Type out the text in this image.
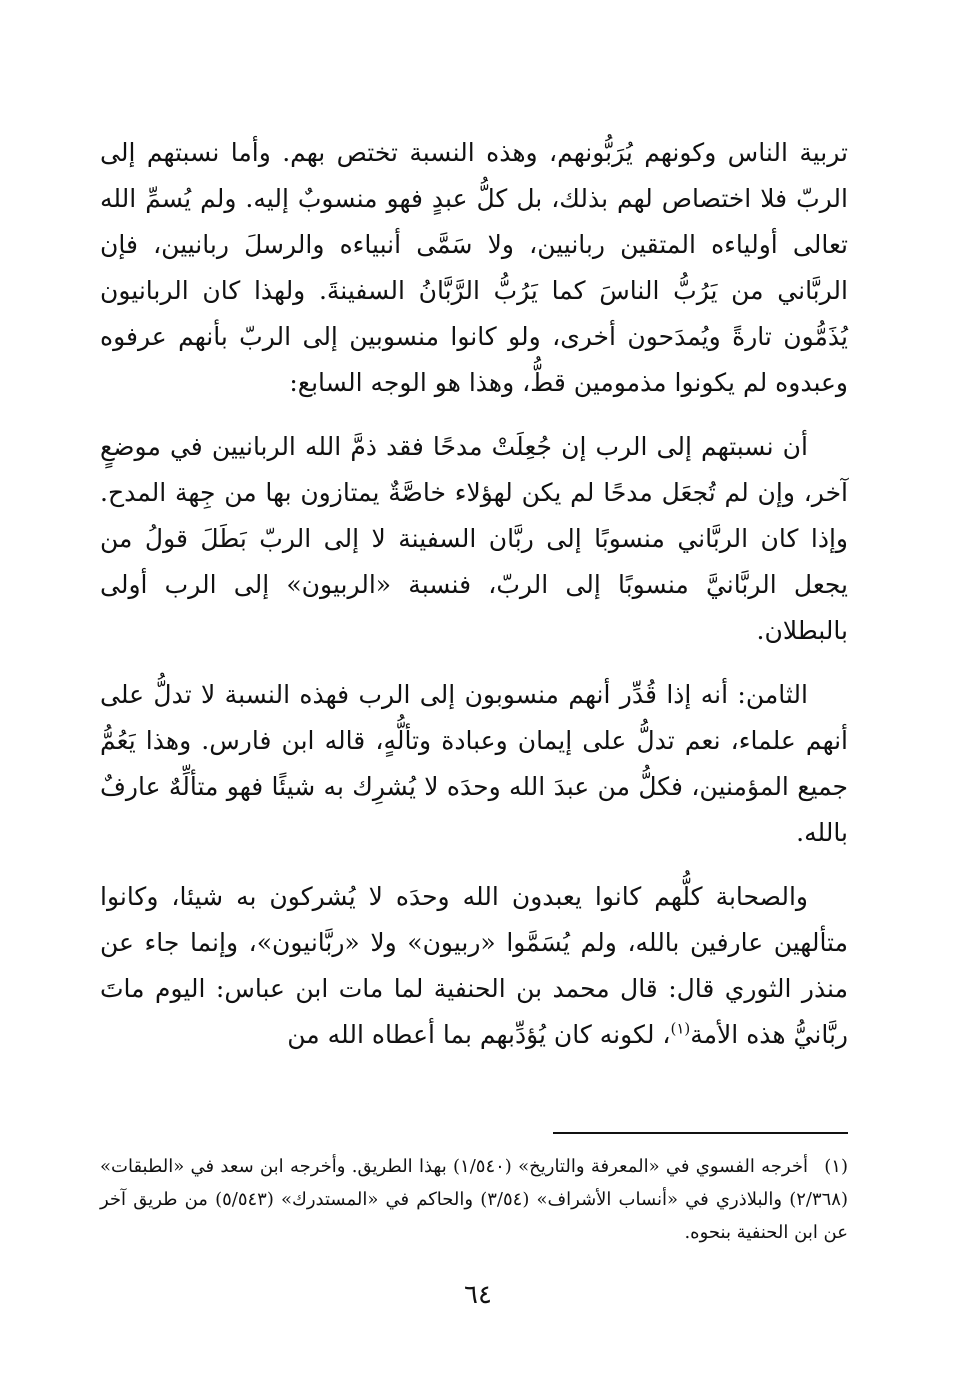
تربية الناس وكونهم يُرَبُّونهم، وهذه النسبة تختص بهم. وأما نسبتهم إلى الربّ فلا اختصاص لهم بذلك، بل كلُّ عبدٍ فهو منسوبٌ إليه. ولم يُسمِّ الله تعالى أولياءه المتقين ربانيين، ولا سَمَّى أنبياءه والرسلَ ربانيين، فإن الربَّاني من يَرُبُّ الناسَ كما يَرُبُّ الرَّبَّانُ السفينةَ. ولهذا كان الربانيون يُذَمُّون تارةً ويُمدَحون أخرى، ولو كانوا منسوبين إلى الربّ بأنهم عرفوه وعبدوه لم يكونوا مذمومين قطُّ، وهذا هو الوجه السابع:

أن نسبتهم إلى الرب إن جُعِلَتْ مدحًا فقد ذمَّ الله الربانيين في موضعٍ آخر، وإن لم تُجعَل مدحًا لم يكن لهؤلاء خاصَّةٌ يمتازون بها من جِهة المدح. وإذا كان الربَّاني منسوبًا إلى ربَّان السفينة لا إلى الربّ بَطَلَ قولُ من يجعل الربَّانيَّ منسوبًا إلى الربّ، فنسبة «الربيون» إلى الرب أولى بالبطلان.

الثامن: أنه إذا قُدِّر أنهم منسوبون إلى الرب فهذه النسبة لا تدلُّ على أنهم علماء، نعم تدلُّ على إيمان وعبادة وتألُّهٍ، قاله ابن فارس. وهذا يَعُمُّ جميع المؤمنين، فكلُّ من عبدَ الله وحدَه لا يُشرِك به شيئًا فهو متألِّهٌ عارفٌ بالله.

والصحابة كلُّهم كانوا يعبدون الله وحدَه لا يُشركون به شيئا، وكانوا متألهين عارفين بالله، ولم يُسَمَّوا «ربيون» ولا «ربَّانيون»، وإنما جاء عن منذر الثوري قال: قال محمد بن الحنفية لما مات ابن عباس: اليوم ماتَ ربَّانيُّ هذه الأمة$^{(١)}$، لكونه كان يُؤدِّبهم بما أعطاه الله من

(١) أخرجه الفسوي في «المعرفة والتاريخ» (١/٥٤٠) بهذا الطريق. وأخرجه ابن سعد في «الطبقات» (٢/٣٦٨) والبلاذري في «أنساب الأشراف» (٣/٥٤) والحاكم في «المستدرك» (٥/٥٤٣) من طريق آخر عن ابن الحنفية بنحوه.
٦٤
